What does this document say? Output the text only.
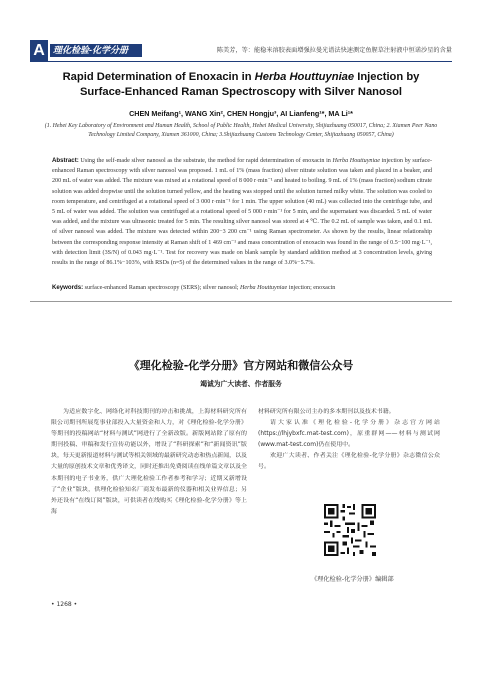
A 理化检验-化学分册	陈美芳，等：能稳米溶胶表面增强拉曼光谱法快速测定鱼腥草注射液中恒诺沙星的含量
Rapid Determination of Enoxacin in Herba Houttuyniae Injection by
Surface-Enhanced Raman Spectroscopy with Silver Nanosol
CHEN Meifang¹, WANG Xin², CHEN Hongju³, AI Lianfeng¹*, MA Li¹*
(1. Hebei Key Laboratory of Environment and Human Health, School of Public Health, Hebei Medical University, Shijiazhuang 050017, China; 2. Xiamen Peer Nano Technology Limited Company, Xiamen 361000, China; 3.Shijiazhuang Customs Technology Center, Shijiazhuang 050057, China)
Abstract: Using the self-made silver nanosol as the substrate, the method for rapid determination of enoxacin in Herba Houttuyniae injection by surface-enhanced Raman spectroscopy with silver nanosol was proposed. 1 mL of 1% (mass fraction) silver nitrate solution was taken and placed in a beaker, and 200 mL of water was added. The mixture was mixed at a rotational speed of 8 000 r·min⁻¹ and heated to boiling. 9 mL of 1% (mass fraction) sodium citrate solution was added dropwise until the solution turned yellow, and the heating was stopped until the solution turned milky white. The solution was cooled to room temperature, and centrifuged at a rotational speed of 3 000 r·min⁻¹ for 1 min. The upper solution (40 mL) was collected into the centrifuge tube, and 5 mL of water was added. The solution was centrifuged at a rotational speed of 5 000 r·min⁻¹ for 5 min, and the supernatant was discarded. 5 mL of water was added, and the mixture was ultrasonic treated for 5 min. The resulting silver nanosol was stored at 4 ℃. The 0.2 mL of sample was taken, and 0.1 mL of silver nanosol was added. The mixture was detected within 200−3 200 cm⁻¹ using Raman spectrometer. As shown by the results, linear relationship between the corresponding response intensity at Raman shift of 1 469 cm⁻¹ and mass concentration of enoxacin was found in the range of 0.5−100 mg·L⁻¹, with detection limit (3S/N) of 0.043 mg·L⁻¹. Test for recovery was made on blank sample by standard addition method at 3 concentration levels, giving results in the range of 86.1%−103%, with RSDs (n=5) of the determined values in the range of 3.0%−5.7%.
Keywords: surface-enhanced Raman spectroscopy (SERS); silver nanosol; Herba Houttuyniae injection; enoxacin
《理化检验-化学分册》官方网站和微信公众号
竭诚为广大读者、作者服务
为适应数字化、网络化对科技期刊的冲击和挑战，上海材料研究所有限公司期刊所展览事业部投入大量资金和人力，对《理化检验-化学分册》等期刊的投稿网站“材料与测试”网进行了全新改版。新版网站除了原有的期刊投稿、审稿和发行宣传功能以外，增设了“科研探索”和“新闻资讯”版块，每天更新报道材料与测试等相关领域的最新研究动态和热点新闻，以及大量的原创技术文章和优秀译文，同时还推出免费阅读在线单篇文章以及全本期刊的电子书业务，供广大理化检验工作者参考和学习；近期又新增设了“企业”版块，供理化检验知名厂商发布最新的仪器和相关业界信息；另外还设有“在线订阅”版块，可供读者在线购买《理化检验-化学分册》等上海

材料研究所有限公司主办的多本期刊以及技术书籍。

请大家认准《理化检验-化学分册》杂志官方网站(https://lhjybxfc.mat-test.com)，原重群网——材料与测试网(www.mat-test.com)仍在使用中。

欢迎广大读者、作者关注《理化检验-化学分册》杂志微信公众号。

《理化检验-化学分册》编辑部
• 1268 •
